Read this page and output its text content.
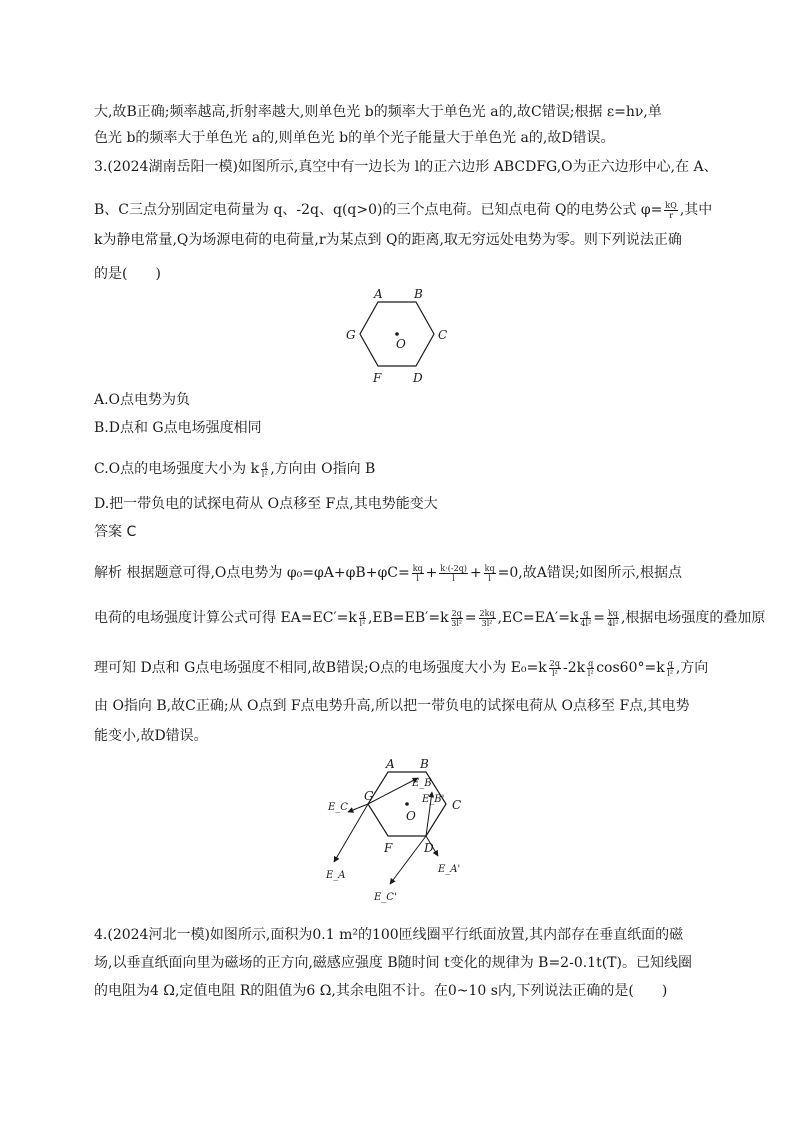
大,故B正确;频率越高,折射率越大,则单色光 b的频率大于单色光 a的,故C错误;根据 ε=hν,单
色光 b的频率大于单色光 a的,则单色光 b的单个光子能量大于单色光 a的,故D错误。
3.(2024湖南岳阳一模)如图所示,真空中有一边长为 l的正六边形 ABCDFG,O为正六边形中心,在 A、
B、C三点分别固定电荷量为 q、-2q、q(q>0)的三个点电荷。已知点电荷 Q的电势公式 $\varphi= \frac{kQ}{r}$ ,其中
k为静电常量,Q为场源电荷的电荷量,r为某点到 Q的距离,取无穷远处电势为零。则下列说法正确
的是(　　)
A	B
C
D
F
G
O
A.O点电势为负
B.D点和 G点电场强度相同
C.O点的电场强度大小为 k $\frac{q}{\text{l²}}$ ,方向由 O指向 B
D.把一带负电的试探电荷从 O点移至 F点,其电势能变大
答案 C
解析 根据题意可得,O点电势为 $\varphi_0=\varphi A+\varphi B+\varphi C= \frac{kq}{l} + \frac{k\cdot(-2q)}{l} + \frac{kq}{l} =0$,故A错误;如图所示,根据点
电荷的电场强度计算公式可得 $EA=EC'=k \frac{q}{\text{l²}} ,EB=EB'=k \frac{2q}{\text{3l²}} = \frac{2kq}{\text{3l²}} ,EC=EA'=k \frac{q}{\text{4l²}} = \frac{kq}{\text{4l²}}$ ,根据电场强度的叠加原
理可知 D点和 G点电场强度不相同,故B错误;O点的电场强度大小为 $E_0=k \frac{2q}{\text{l²}} -2k \frac{q}{\text{l²}} \cos 60^\circ=k \frac{q}{\text{l²}}$ ,方向
由 O指向 B,故C正确;从 O点到 F点电势升高,所以把一带负电的试探电荷从 O点移至 F点,其电势
能变小,故D错误。
A B
C
D
F
G
O
E_B
E_B'
E_C
E_A
E_A'
E_C'
4.(2024河北一模)如图所示,面积为0.1 m²的100匝线圈平行纸面放置,其内部存在垂直纸面的磁
场,以垂直纸面向里为磁场的正方向,磁感应强度 B随时间 t变化的规律为 B=2-0.1t(T)。已知线圈
的电阻为4 Ω,定值电阻 R的阻值为6 Ω,其余电阻不计。在0~10 s内,下列说法正确的是(　　)
